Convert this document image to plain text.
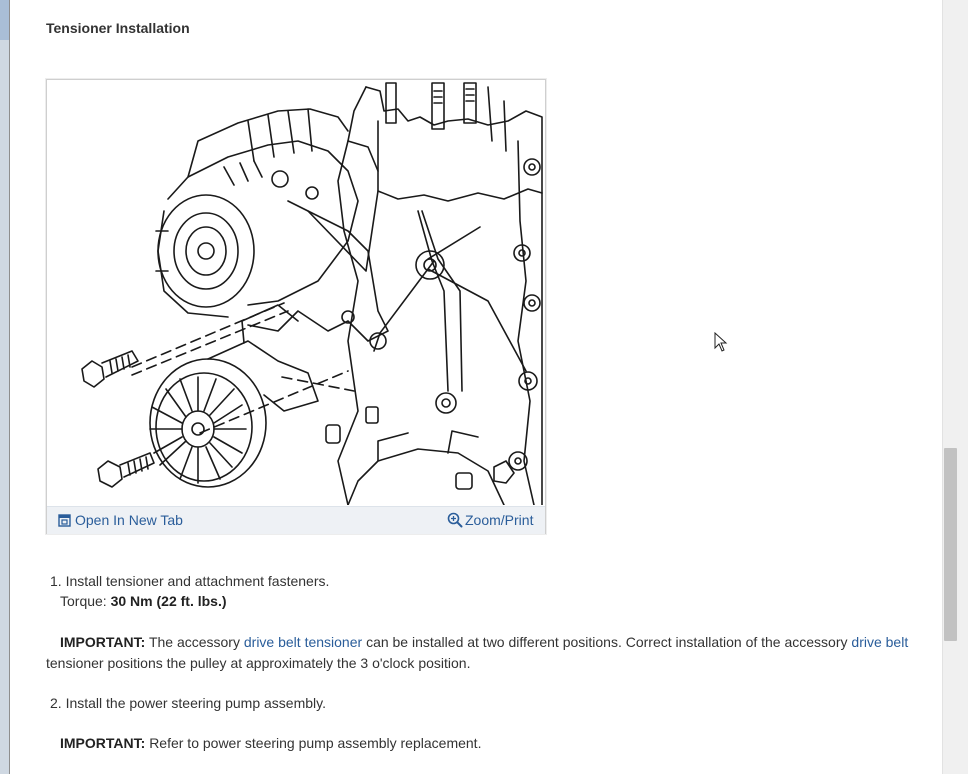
Tensioner Installation
Open In New Tab	Zoom/Print

1. Install tensioner and attachment fasteners.

Torque: 30 Nm (22 ft. lbs.)

IMPORTANT: The accessory drive belt tensioner can be installed at two different positions. Correct installation of the accessory drive belt tensioner positions the pulley at approximately the 3 o'clock position.

2. Install the power steering pump assembly.

IMPORTANT: Refer to power steering pump assembly replacement.
